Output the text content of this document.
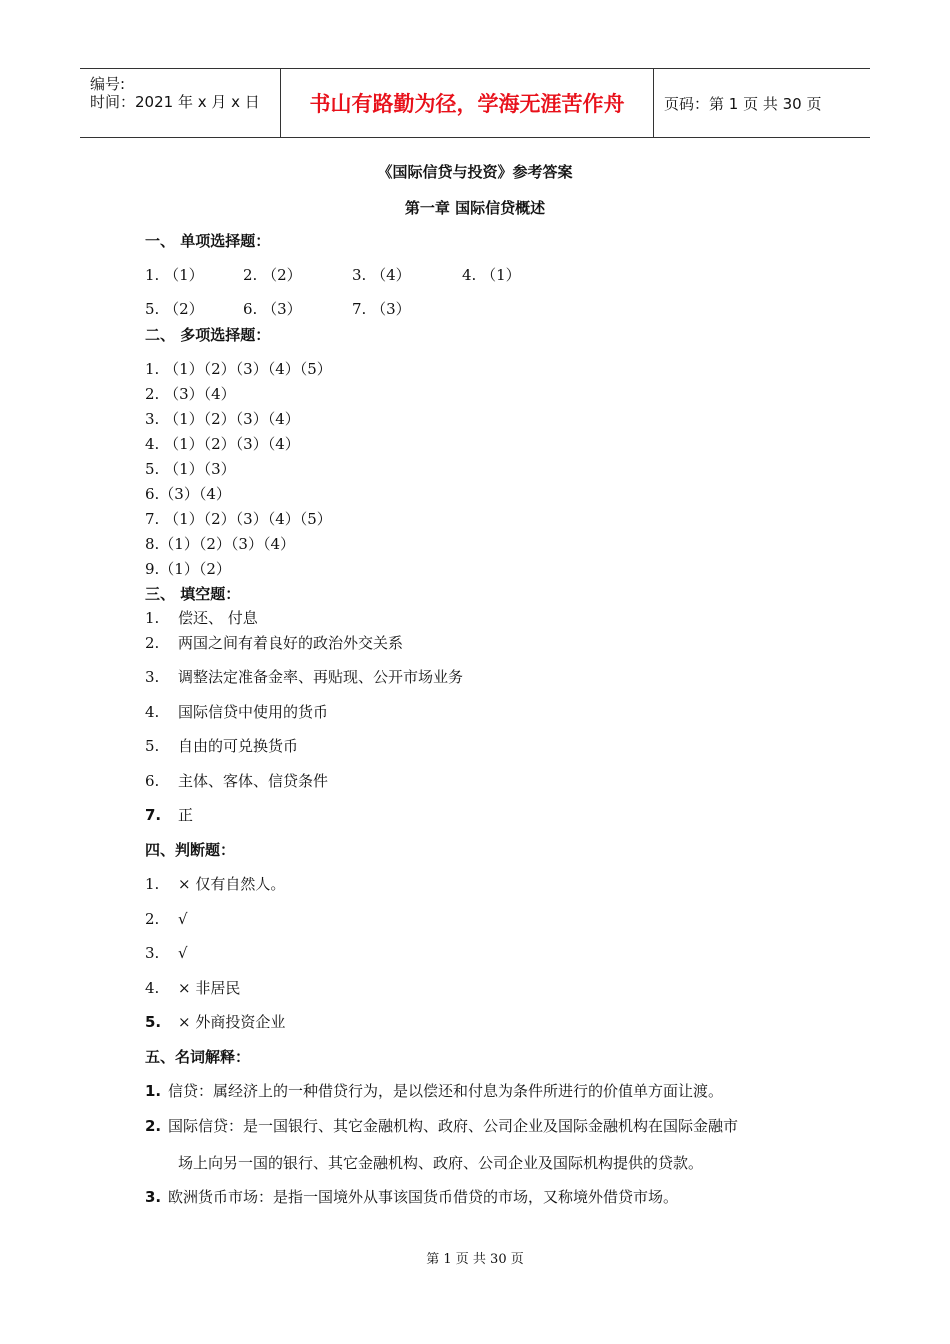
编号:
时间：2021 年 x 月 x 日	书山有路勤为径，学海无涯苦作舟	页码：第 1 页 共 30 页
《国际信贷与投资》参考答案
第一章 国际信贷概述
一、 单项选择题：
1. （1）	2. （2）	3. （4）	4. （1）
5. （2）	6. （3）	7. （3）
二、 多项选择题：
1. （1）（2）（3）（4）（5）
2. （3）（4）
3. （1）（2）（3）（4）
4. （1）（2）（3）（4）
5. （1）（3）
6.（3）（4）
7. （1）（2）（3）（4）（5）
8.（1）（2）（3）（4）
9.（1）（2）
三、 填空题：
1. 偿还、 付息
2. 两国之间有着良好的政治外交关系
3. 调整法定准备金率、再贴现、公开市场业务
4. 国际信贷中使用的货币
5. 自由的可兑换货币
6. 主体、客体、信贷条件
7. 正
四、判断题：
1. × 仅有自然人。
2. √
3. √
4. × 非居民
5. × 外商投资企业
五、名词解释：
1. 信贷：属经济上的一种借贷行为，是以偿还和付息为条件所进行的价值单方面让渡。
2. 国际信贷：是一国银行、其它金融机构、政府、公司企业及国际金融机构在国际金融市
场上向另一国的银行、其它金融机构、政府、公司企业及国际机构提供的贷款。
3. 欧洲货币市场：是指一国境外从事该国货币借贷的市场，又称境外借贷市场。
第 1 页 共 30 页
